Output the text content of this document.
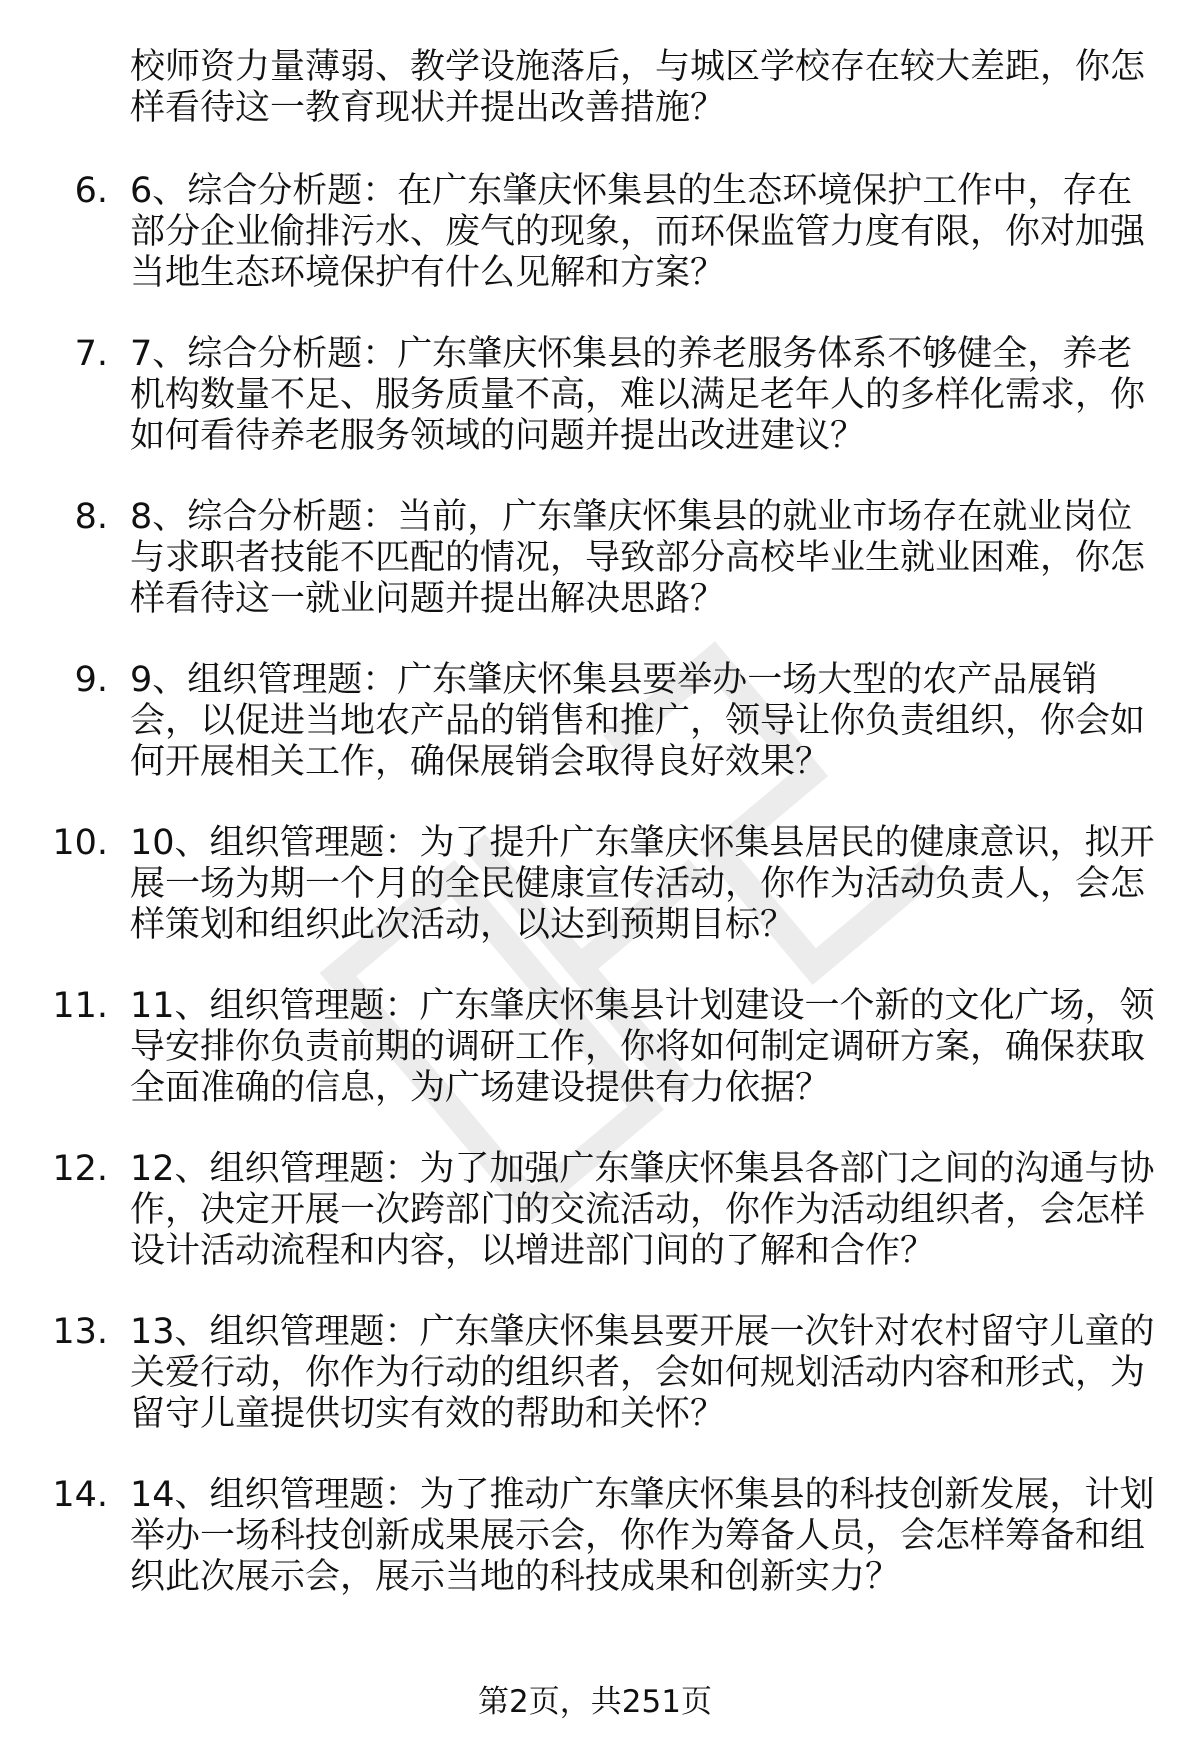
校师资力量薄弱、教学设施落后，与城区学校存在较大差距，你怎样看待这一教育现状并提出改善措施？
6. 6、综合分析题：在广东肇庆怀集县的生态环境保护工作中，存在部分企业偷排污水、废气的现象，而环保监管力度有限，你对加强当地生态环境保护有什么见解和方案？
7. 7、综合分析题：广东肇庆怀集县的养老服务体系不够健全，养老机构数量不足、服务质量不高，难以满足老年人的多样化需求，你如何看待养老服务领域的问题并提出改进建议？
8. 8、综合分析题：当前，广东肇庆怀集县的就业市场存在就业岗位与求职者技能不匹配的情况，导致部分高校毕业生就业困难，你怎样看待这一就业问题并提出解决思路？
9. 9、组织管理题：广东肇庆怀集县要举办一场大型的农产品展销会，以促进当地农产品的销售和推广，领导让你负责组织，你会如何开展相关工作，确保展销会取得良好效果？
10. 10、组织管理题：为了提升广东肇庆怀集县居民的健康意识，拟开展一场为期一个月的全民健康宣传活动，你作为活动负责人，会怎样策划和组织此次活动，以达到预期目标？
11. 11、组织管理题：广东肇庆怀集县计划建设一个新的文化广场，领导安排你负责前期的调研工作，你将如何制定调研方案，确保获取全面准确的信息，为广场建设提供有力依据？
12. 12、组织管理题：为了加强广东肇庆怀集县各部门之间的沟通与协作，决定开展一次跨部门的交流活动，你作为活动组织者，会怎样设计活动流程和内容，以增进部门间的了解和合作？
13. 13、组织管理题：广东肇庆怀集县要开展一次针对农村留守儿童的关爱行动，你作为行动的组织者，会如何规划活动内容和形式，为留守儿童提供切实有效的帮助和关怀？
14. 14、组织管理题：为了推动广东肇庆怀集县的科技创新发展，计划举办一场科技创新成果展示会，你作为筹备人员，会怎样筹备和组织此次展示会，展示当地的科技成果和创新实力？
第2页，共251页
